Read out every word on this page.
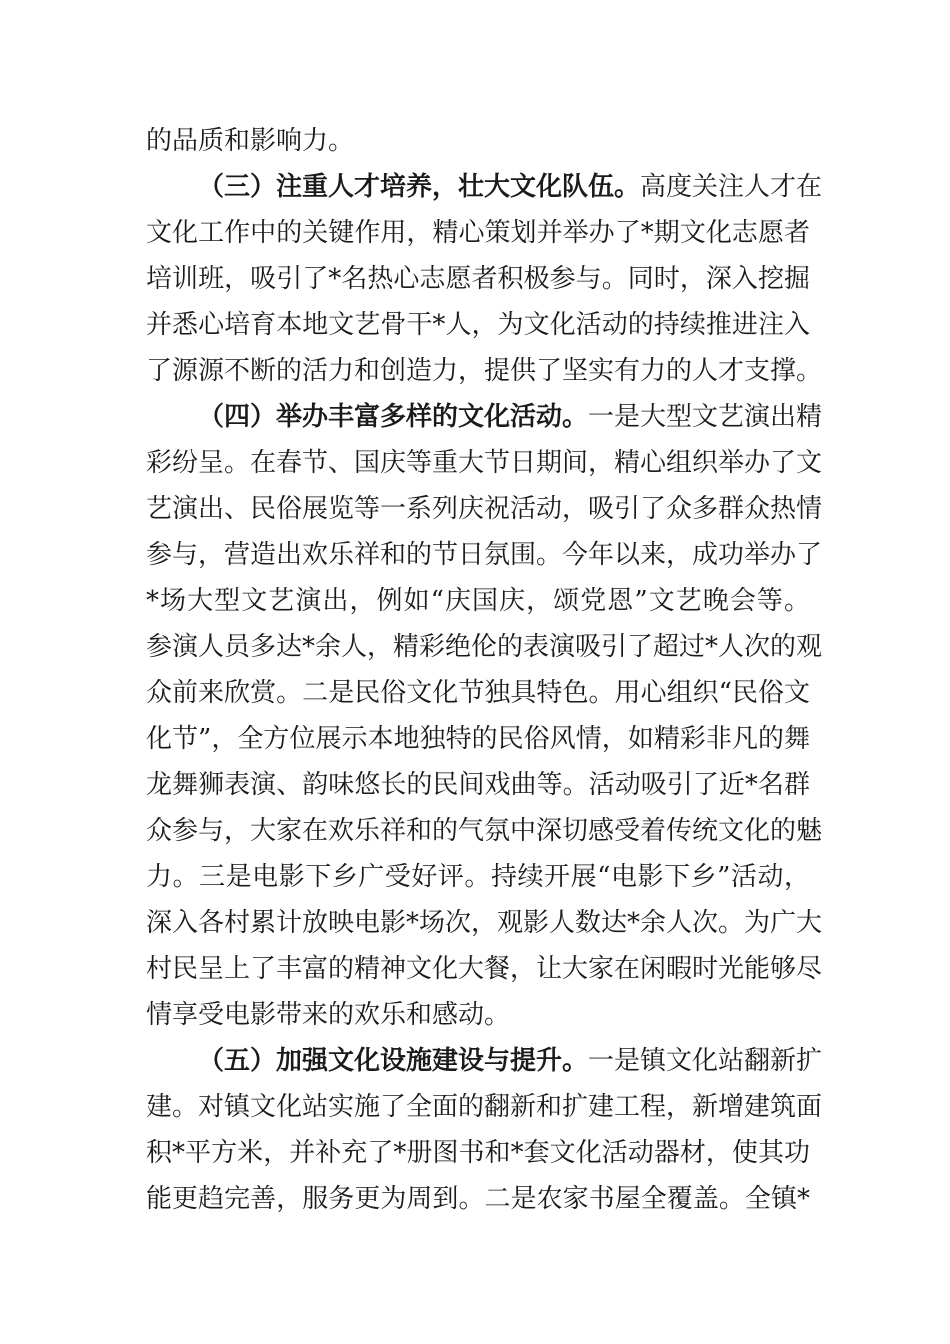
的品质和影响力。
（三）注重人才培养，壮大文化队伍。高度关注人才在
文化工作中的关键作用，精心策划并举办了*期文化志愿者
培训班，吸引了*名热心志愿者积极参与。同时，深入挖掘
并悉心培育本地文艺骨干*人，为文化活动的持续推进注入
了源源不断的活力和创造力，提供了坚实有力的人才支撑。
（四）举办丰富多样的文化活动。一是大型文艺演出精
彩纷呈。在春节、国庆等重大节日期间，精心组织举办了文
艺演出、民俗展览等一系列庆祝活动，吸引了众多群众热情
参与，营造出欢乐祥和的节日氛围。今年以来，成功举办了
*场大型文艺演出，例如“庆国庆，颂党恩”文艺晚会等。
参演人员多达*余人，精彩绝伦的表演吸引了超过*人次的观
众前来欣赏。二是民俗文化节独具特色。用心组织“民俗文
化节”，全方位展示本地独特的民俗风情，如精彩非凡的舞
龙舞狮表演、韵味悠长的民间戏曲等。活动吸引了近*名群
众参与，大家在欢乐祥和的气氛中深切感受着传统文化的魅
力。三是电影下乡广受好评。持续开展“电影下乡”活动，
深入各村累计放映电影*场次，观影人数达*余人次。为广大
村民呈上了丰富的精神文化大餐，让大家在闲暇时光能够尽
情享受电影带来的欢乐和感动。
（五）加强文化设施建设与提升。一是镇文化站翻新扩
建。对镇文化站实施了全面的翻新和扩建工程，新增建筑面
积*平方米，并补充了*册图书和*套文化活动器材，使其功
能更趋完善，服务更为周到。二是农家书屋全覆盖。全镇*
